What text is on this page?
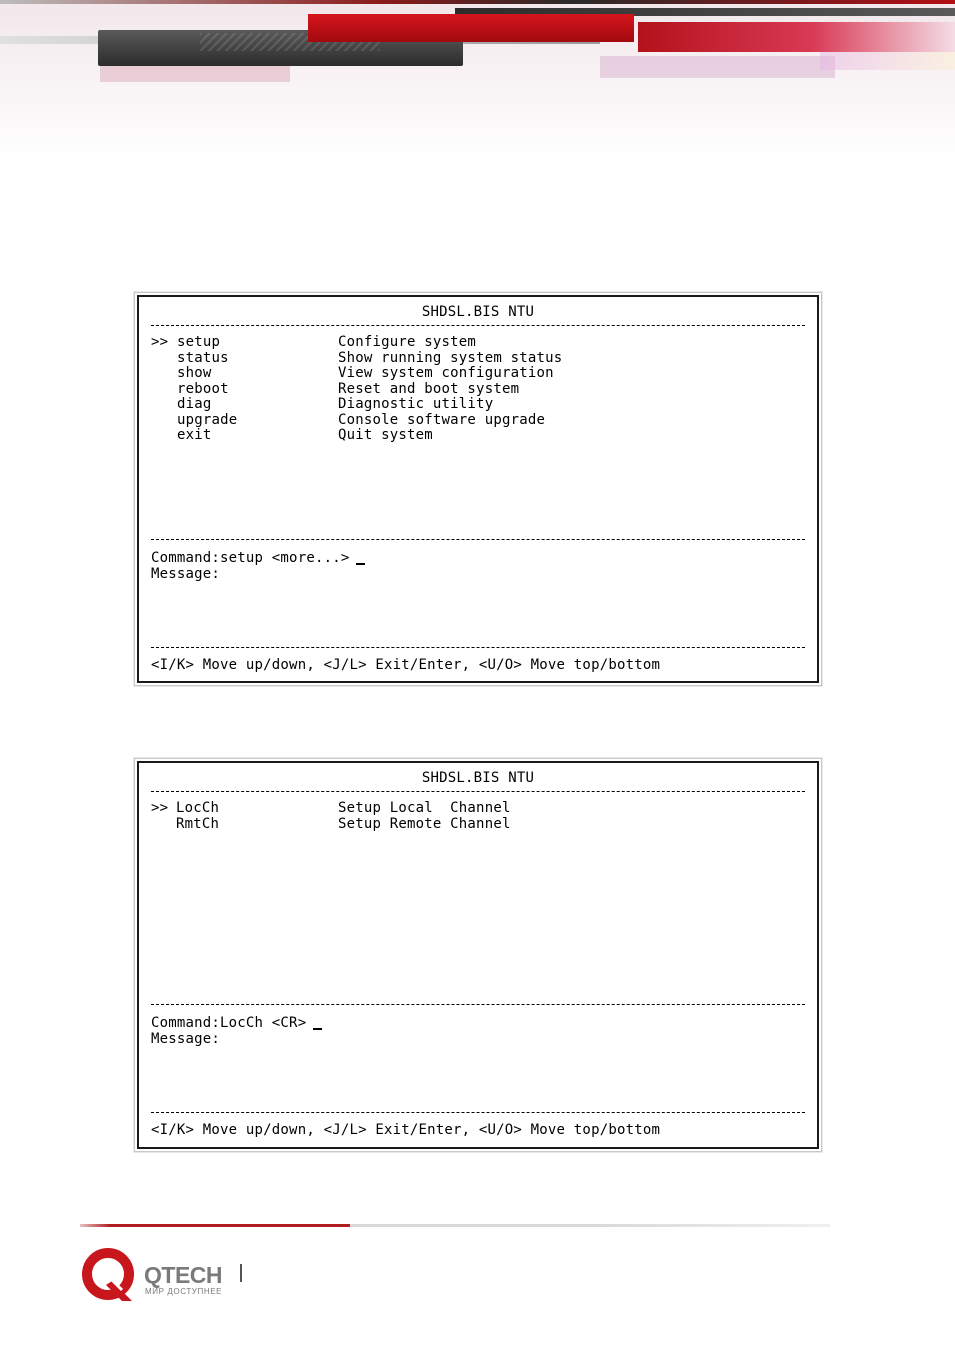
SHDSL.BIS NTU
>> setup	Configure system
status	Show running system status
show	View system configuration
reboot	Reset and boot system
diag	Diagnostic utility
upgrade	Console software upgrade
exit	Quit system
Command:setup <more...>
Message:
<I/K> Move up/down, <J/L> Exit/Enter, <U/O> Move top/bottom
SHDSL.BIS NTU
>> LocCh	Setup Local  Channel
RmtCh	Setup Remote Channel
Command:LocCh <CR>
Message:
<I/K> Move up/down, <J/L> Exit/Enter, <U/O> Move top/bottom
QTECH
МИР ДОСТУПНЕЕ
